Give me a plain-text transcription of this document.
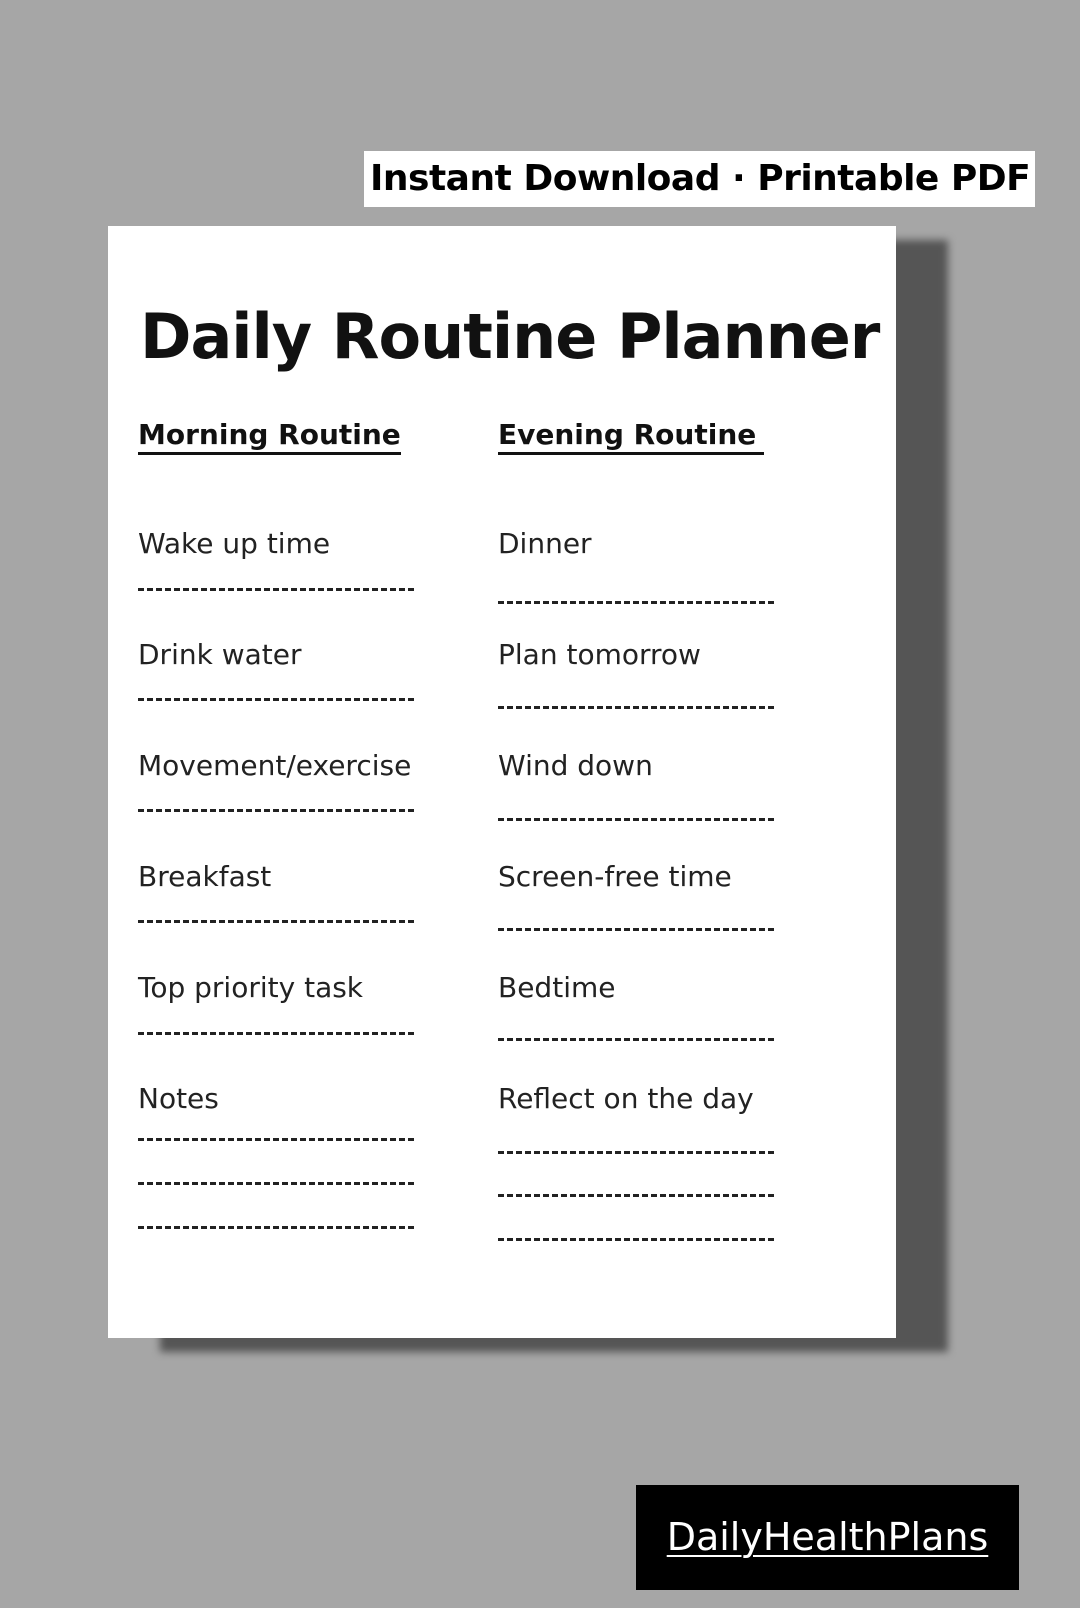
Instant Download · Printable PDF
Daily Routine Planner
Morning Routine
Wake up time
Drink water
Movement/exercise
Breakfast
Top priority task
Notes
Evening Routine
Dinner
Plan tomorrow
Wind down
Screen-free time
Bedtime
Reflect on the day
DailyHealthPlans
